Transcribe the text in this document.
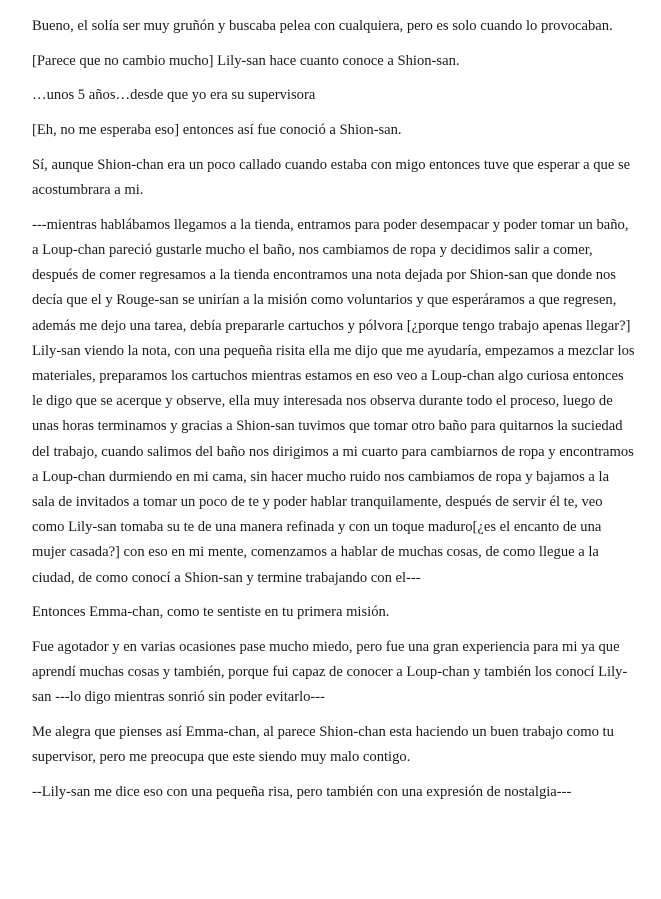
Bueno, el solía ser muy gruñón y buscaba pelea con cualquiera, pero es solo cuando lo provocaban.

[Parece que no cambio mucho] Lily-san hace cuanto conoce a Shion-san.

…unos 5 años…desde que yo era su supervisora

[Eh, no me esperaba eso] entonces así fue conoció a Shion-san.

Sí, aunque Shion-chan era un poco callado cuando estaba con migo entonces tuve que esperar a que se acostumbrara a mi.

---mientras hablábamos llegamos a la tienda, entramos para poder desempacar y poder tomar un baño, a Loup-chan pareció gustarle mucho el baño, nos cambiamos de ropa y decidimos salir a comer, después de comer regresamos a la tienda encontramos una nota dejada por Shion-san que donde nos decía que el y Rouge-san se unirían a la misión como voluntarios y que esperáramos a que regresen, además me dejo una tarea, debía prepararle cartuchos y pólvora [¿porque tengo trabajo apenas llegar?] Lily-san viendo la nota, con una pequeña risita ella me dijo que me ayudaría, empezamos a mezclar los materiales, preparamos los cartuchos mientras estamos en eso veo a Loup-chan algo curiosa entonces le digo que se acerque y observe, ella muy interesada nos observa durante todo el proceso, luego de unas horas terminamos y gracias a Shion-san tuvimos que tomar otro baño para quitarnos la suciedad del trabajo, cuando salimos del baño nos dirigimos a mi cuarto para cambiarnos de ropa y encontramos a Loup-chan durmiendo en mi cama, sin hacer mucho ruido nos cambiamos de ropa y bajamos a la sala de invitados a tomar un poco de te y poder hablar tranquilamente, después de servir él te, veo como Lily-san tomaba su te de una manera refinada y con un toque maduro[¿es el encanto de una mujer casada?] con eso en mi mente, comenzamos a hablar de muchas cosas, de como llegue a la ciudad, de como conocí a Shion-san y termine trabajando con el---

Entonces Emma-chan, como te sentiste en tu primera misión.

Fue agotador y en varias ocasiones pase mucho miedo, pero fue una gran experiencia para mi ya que aprendí muchas cosas y también, porque fui capaz de conocer a Loup-chan y también los conocí Lily-san ---lo digo mientras sonrió sin poder evitarlo---

Me alegra que pienses así Emma-chan, al parece Shion-chan esta haciendo un buen trabajo como tu supervisor, pero me preocupa que este siendo muy malo contigo.

--Lily-san me dice eso con una pequeña risa, pero también con una expresión de nostalgia---
